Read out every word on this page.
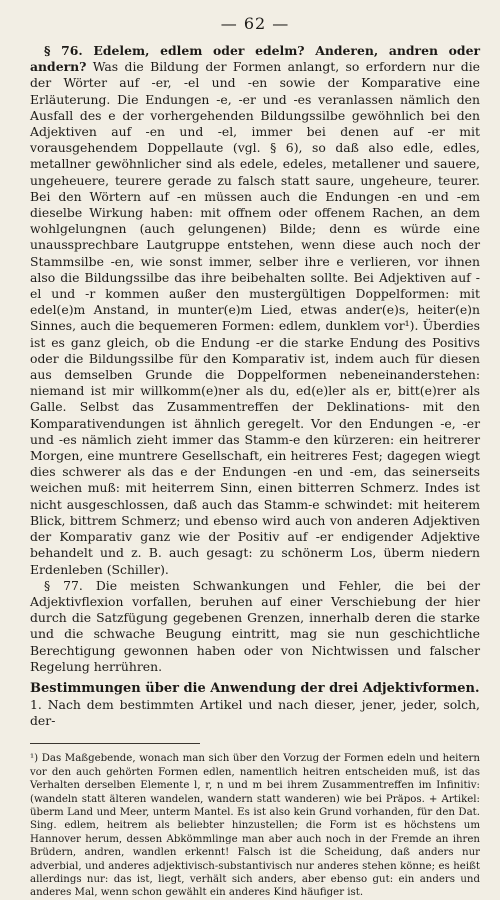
— 62 —

§ 76. Edelem, edlem oder edelm? Anderen, andren oder andern? Was die Bildung der Formen anlangt, so erfordern nur die der Wörter auf -er, -el und -en sowie der Komparative eine Erläuterung. Die Endungen -e, -er und -es veranlassen nämlich den Ausfall des e der vorhergehenden Bildungssilbe gewöhnlich bei den Adjektiven auf -en und -el, immer bei denen auf -er mit vorausgehendem Doppellaute (vgl. § 6), so daß also edle, edles, metallner gewöhnlicher sind als edele, edeles, metallener und sauere, ungeheuere, teurere gerade zu falsch statt saure, ungeheure, teurer. Bei den Wörtern auf -en müssen auch die Endungen -en und -em dieselbe Wirkung haben: mit offnem oder offenem Rachen, an dem wohlgelungnen (auch gelungenen) Bilde; denn es würde eine unaussprechbare Lautgruppe entstehen, wenn diese auch noch der Stammsilbe -en, wie sonst immer, selber ihre e verlieren, vor ihnen also die Bildungssilbe das ihre beibehalten sollte. Bei Adjektiven auf -el und -r kommen außer den mustergültigen Doppelformen: mit edel(e)m Anstand, in munter(e)m Lied, etwas ander(e)s, heiter(e)n Sinnes, auch die bequemeren Formen: edlem, dunklem vor¹). Überdies ist es ganz gleich, ob die Endung -er die starke Endung des Positivs oder die Bildungssilbe für den Komparativ ist, indem auch für diesen aus demselben Grunde die Doppelformen nebeneinanderstehen: niemand ist mir willkomm(e)ner als du, ed(e)ler als er, bitt(e)rer als Galle. Selbst das Zusammentreffen der Deklinations- mit den Komparativendungen ist ähnlich geregelt. Vor den Endungen -e, -er und -es nämlich zieht immer das Stamm-e den kürzeren: ein heitrerer Morgen, eine muntrere Gesellschaft, ein heitreres Fest; dagegen wiegt dies schwerer als das e der Endungen -en und -em, das seinerseits weichen muß: mit heiterrem Sinn, einen bitterren Schmerz. Indes ist nicht ausgeschlossen, daß auch das Stamm-e schwindet: mit heiterem Blick, bittrem Schmerz; und ebenso wird auch von anderen Adjektiven der Komparativ ganz wie der Positiv auf -er endigender Adjektive behandelt und z. B. auch gesagt: zu schönerm Los, überm niedern Erdenleben (Schiller).

§ 77. Die meisten Schwankungen und Fehler, die bei der Adjektivflexion vorfallen, beruhen auf einer Verschiebung der hier durch die Satzfügung gegebenen Grenzen, innerhalb deren die starke und die schwache Beugung eintritt, mag sie nun geschichtliche Berechtigung gewonnen haben oder von Nichtwissen und falscher Regelung herrühren.

Bestimmungen über die Anwendung der drei Adjektivformen.

1. Nach dem bestimmten Artikel und nach dieser, jener, jeder, solch, der-

¹) Das Maßgebende, wonach man sich über den Vorzug der Formen edeln und heitern vor den auch gehörten Formen edlen, namentlich heitren entscheiden muß, ist das Verhalten derselben Elemente l, r, n und m bei ihrem Zusammentreffen im Infinitiv: (wandeln statt älteren wandelen, wandern statt wanderen) wie bei Präpos. + Artikel: überm Land und Meer, unterm Mantel. Es ist also kein Grund vorhanden, für den Dat. Sing. edlem, heitrem als beliebter hinzustellen; die Form ist es höchstens um Hannover herum, dessen Abkömmlinge man aber auch noch in der Fremde an ihren Brüdern, andren, wandlen erkennt! Falsch ist die Scheidung, daß anders nur adverbial, und anderes adjektivisch-substantivisch nur anderes stehen könne; es heißt allerdings nur: das ist, liegt, verhält sich anders, aber ebenso gut: ein anders und anderes Mal, wenn schon gewählt ein anderes Kind häufiger ist.
